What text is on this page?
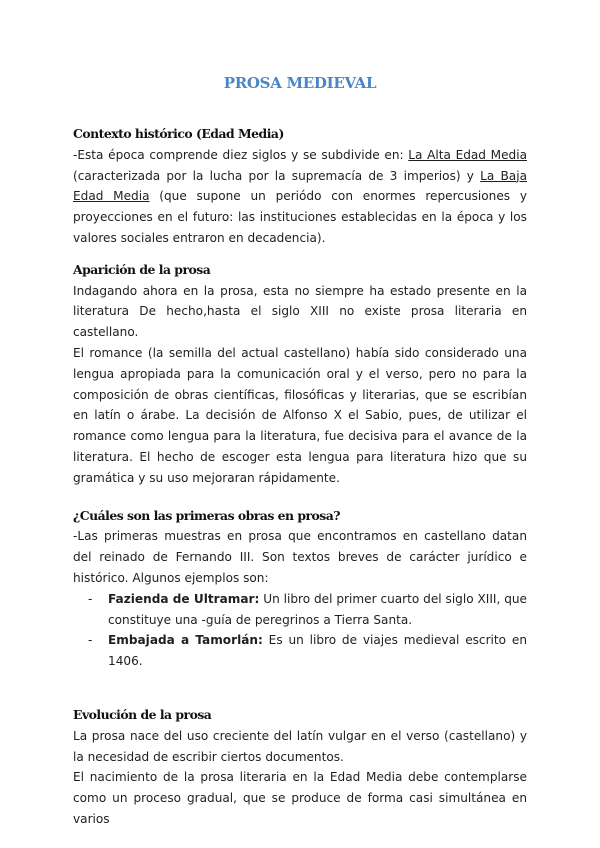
PROSA MEDIEVAL
Contexto histórico (Edad Media)

-Esta época comprende diez siglos y se subdivide en: La Alta Edad Media (caracterizada por la lucha por la supremacía de 3 imperios) y La Baja Edad Media (que supone un periódo con enormes repercusiones y proyecciones en el futuro: las instituciones establecidas en la época y los valores sociales entraron en decadencia).

Aparición de la prosa

Indagando ahora en la prosa, esta no siempre ha estado presente en la literatura De hecho,hasta el siglo XIII no existe prosa literaria en castellano.

El romance (la semilla del actual castellano) había sido considerado una lengua apropiada para la comunicación oral y el verso, pero no para la composición de obras científicas, filosóficas y literarias, que se escribían en latín o árabe. La decisión de Alfonso X el Sabio, pues, de utilizar el romance como lengua para la literatura, fue decisiva para el avance de la literatura. El hecho de escoger esta lengua para literatura hizo que su gramática y su uso mejoraran rápidamente.

¿Cuáles son las primeras obras en prosa?

-Las primeras muestras en prosa que encontramos en castellano datan del reinado de Fernando III. Son textos breves de carácter jurídico e histórico. Algunos ejemplos son:

- Fazienda de Ultramar: Un libro del primer cuarto del siglo XIII, que constituye una -guía de peregrinos a Tierra Santa.
- Embajada a Tamorlán: Es un libro de viajes medieval escrito en 1406.
Evolución de la prosa

La prosa nace del uso creciente del latín vulgar en el verso (castellano) y la necesidad de escribir ciertos documentos.

El nacimiento de la prosa literaria en la Edad Media debe contemplarse como un proceso gradual, que se produce de forma casi simultánea en varios
